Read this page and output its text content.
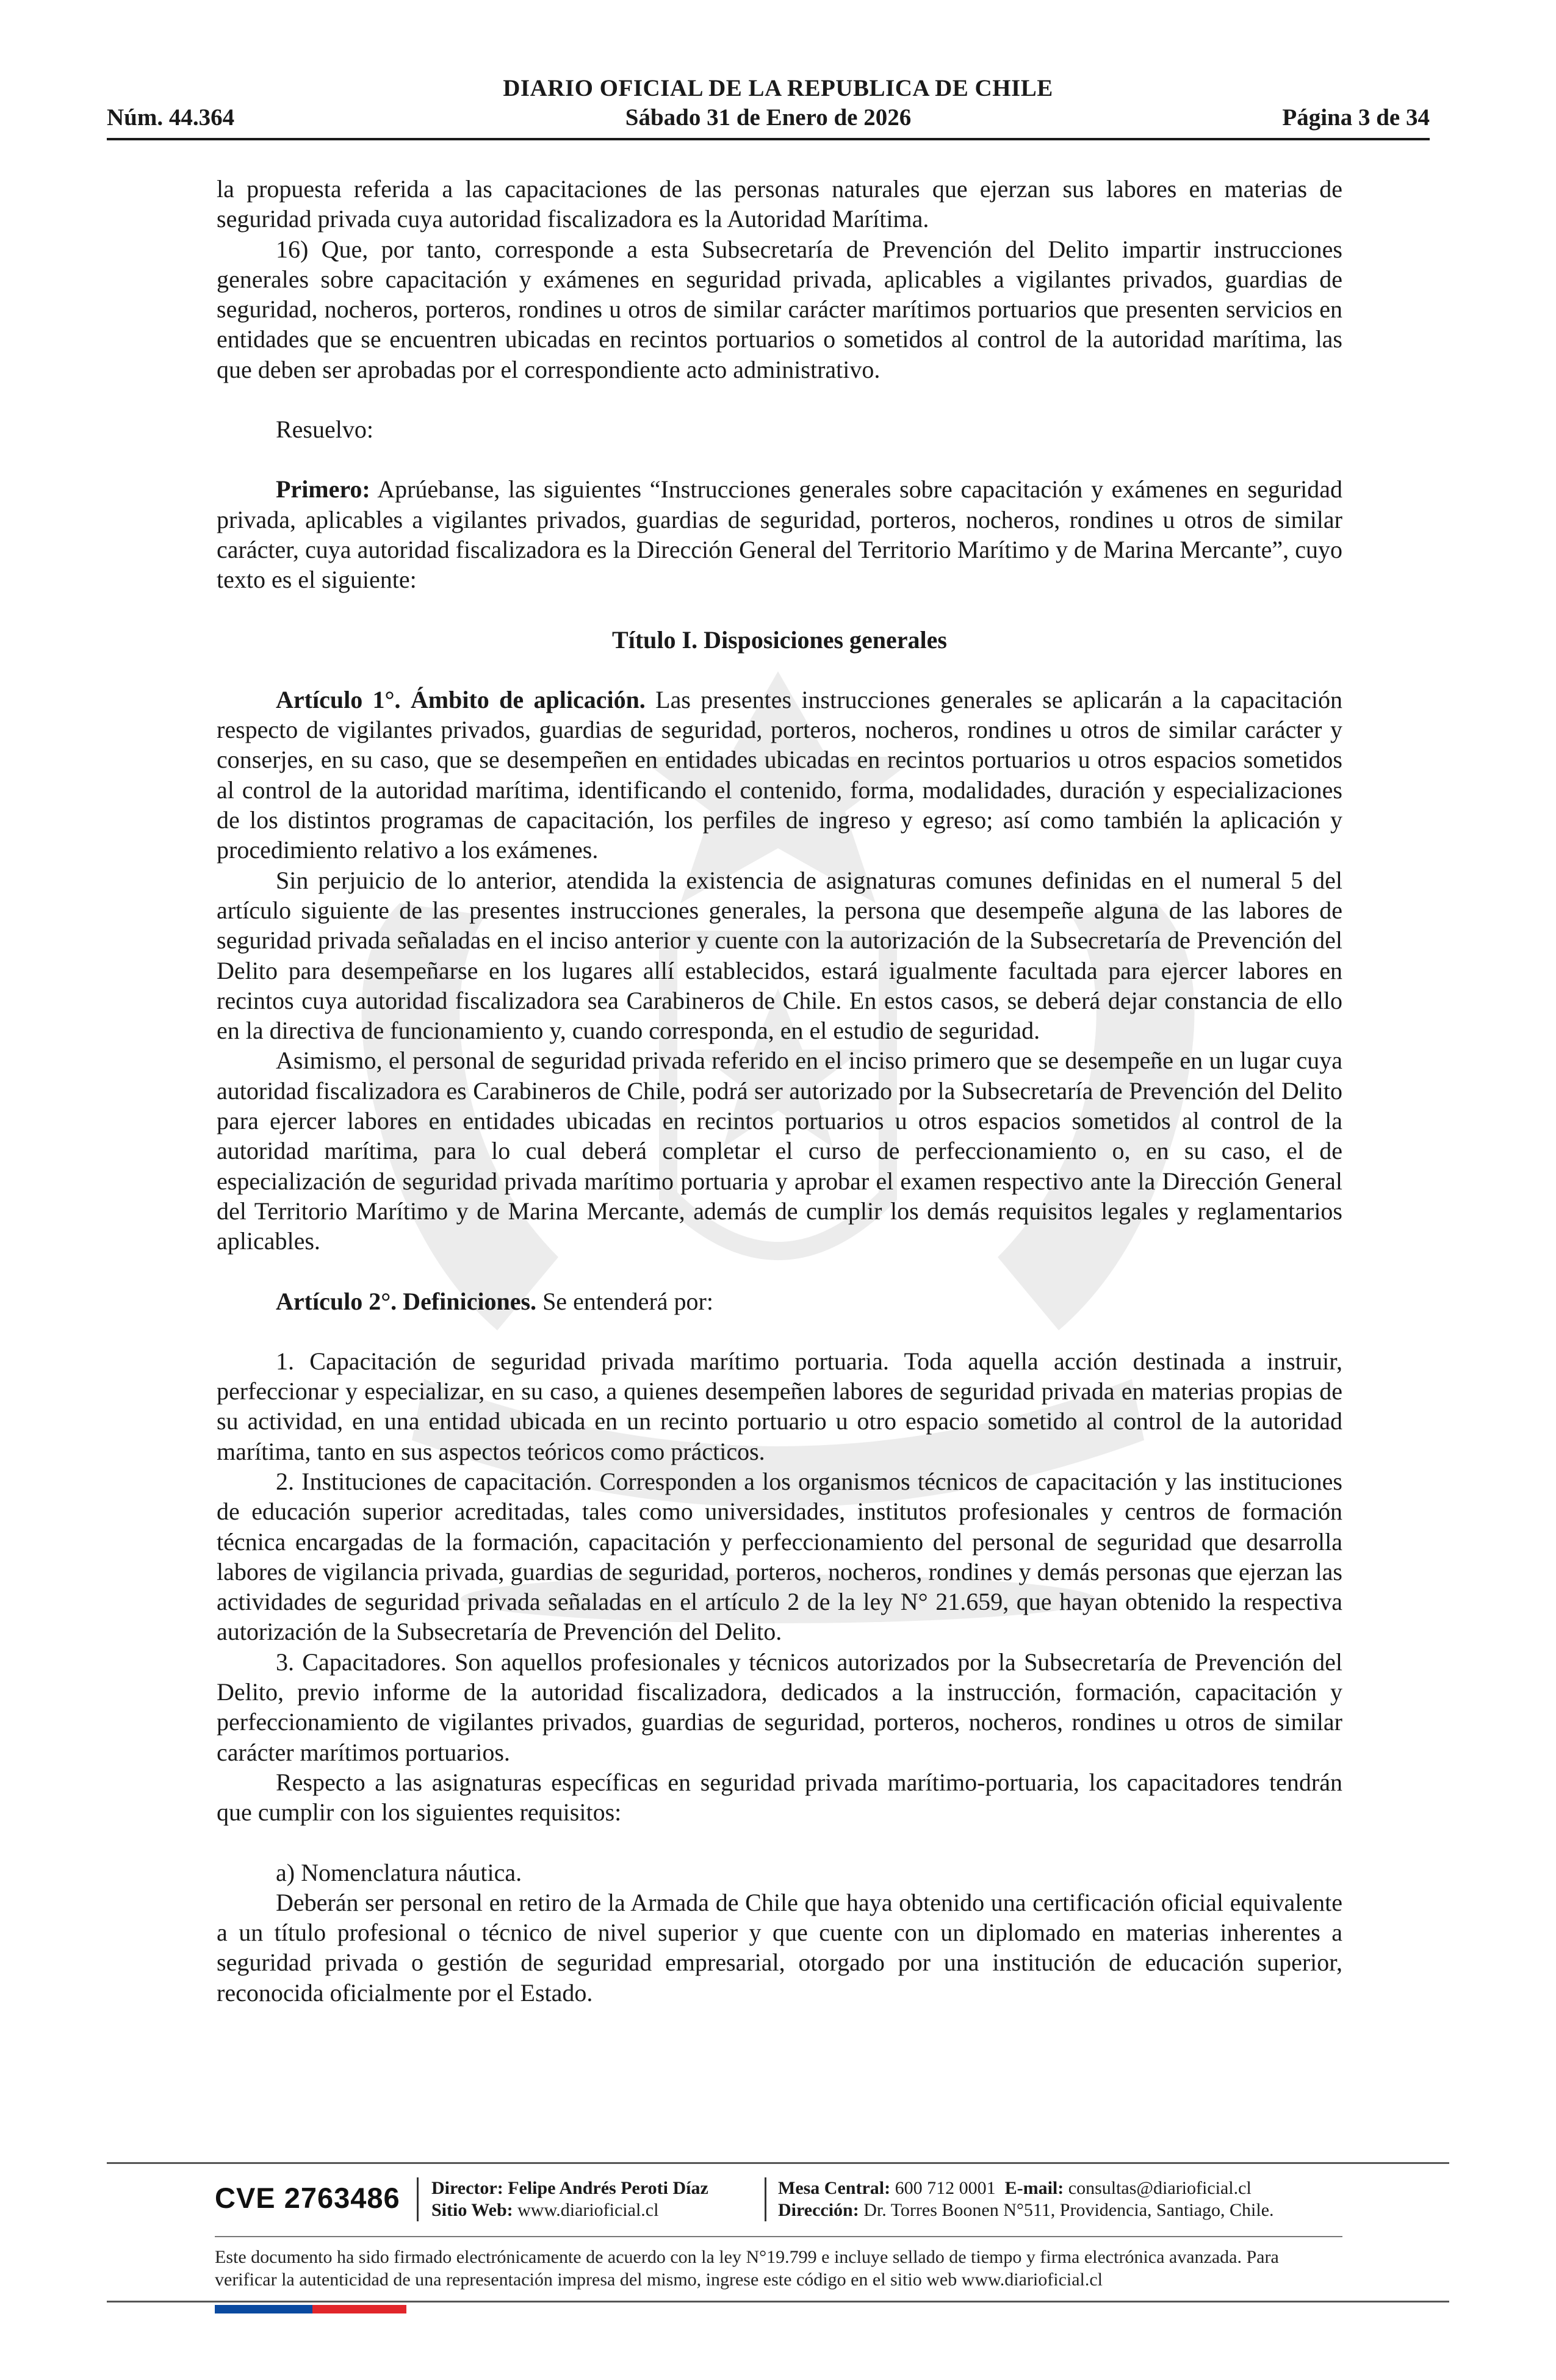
DIARIO OFICIAL DE LA REPUBLICA DE CHILE
Núm. 44.364	Sábado 31 de Enero de 2026	Página 3 de 34

la propuesta referida a las capacitaciones de las personas naturales que ejerzan sus labores en materias de seguridad privada cuya autoridad fiscalizadora es la Autoridad Marítima.

16) Que, por tanto, corresponde a esta Subsecretaría de Prevención del Delito impartir instrucciones generales sobre capacitación y exámenes en seguridad privada, aplicables a vigilantes privados, guardias de seguridad, nocheros, porteros, rondines u otros de similar carácter marítimos portuarios que presenten servicios en entidades que se encuentren ubicadas en recintos portuarios o sometidos al control de la autoridad marítima, las que deben ser aprobadas por el correspondiente acto administrativo.

Resuelvo:

Primero: Aprúebanse, las siguientes “Instrucciones generales sobre capacitación y exámenes en seguridad privada, aplicables a vigilantes privados, guardias de seguridad, porteros, nocheros, rondines u otros de similar carácter, cuya autoridad fiscalizadora es la Dirección General del Territorio Marítimo y de Marina Mercante”, cuyo texto es el siguiente:

Título I. Disposiciones generales

Artículo 1°. Ámbito de aplicación. Las presentes instrucciones generales se aplicarán a la capacitación respecto de vigilantes privados, guardias de seguridad, porteros, nocheros, rondines u otros de similar carácter y conserjes, en su caso, que se desempeñen en entidades ubicadas en recintos portuarios u otros espacios sometidos al control de la autoridad marítima, identificando el contenido, forma, modalidades, duración y especializaciones de los distintos programas de capacitación, los perfiles de ingreso y egreso; así como también la aplicación y procedimiento relativo a los exámenes.

Sin perjuicio de lo anterior, atendida la existencia de asignaturas comunes definidas en el numeral 5 del artículo siguiente de las presentes instrucciones generales, la persona que desempeñe alguna de las labores de seguridad privada señaladas en el inciso anterior y cuente con la autorización de la Subsecretaría de Prevención del Delito para desempeñarse en los lugares allí establecidos, estará igualmente facultada para ejercer labores en recintos cuya autoridad fiscalizadora sea Carabineros de Chile. En estos casos, se deberá dejar constancia de ello en la directiva de funcionamiento y, cuando corresponda, en el estudio de seguridad.

Asimismo, el personal de seguridad privada referido en el inciso primero que se desempeñe en un lugar cuya autoridad fiscalizadora es Carabineros de Chile, podrá ser autorizado por la Subsecretaría de Prevención del Delito para ejercer labores en entidades ubicadas en recintos portuarios u otros espacios sometidos al control de la autoridad marítima, para lo cual deberá completar el curso de perfeccionamiento o, en su caso, el de especialización de seguridad privada marítimo portuaria y aprobar el examen respectivo ante la Dirección General del Territorio Marítimo y de Marina Mercante, además de cumplir los demás requisitos legales y reglamentarios aplicables.

Artículo 2°. Definiciones. Se entenderá por:

1. Capacitación de seguridad privada marítimo portuaria. Toda aquella acción destinada a instruir, perfeccionar y especializar, en su caso, a quienes desempeñen labores de seguridad privada en materias propias de su actividad, en una entidad ubicada en un recinto portuario u otro espacio sometido al control de la autoridad marítima, tanto en sus aspectos teóricos como prácticos.

2. Instituciones de capacitación. Corresponden a los organismos técnicos de capacitación y las instituciones de educación superior acreditadas, tales como universidades, institutos profesionales y centros de formación técnica encargadas de la formación, capacitación y perfeccionamiento del personal de seguridad que desarrolla labores de vigilancia privada, guardias de seguridad, porteros, nocheros, rondines y demás personas que ejerzan las actividades de seguridad privada señaladas en el artículo 2 de la ley N° 21.659, que hayan obtenido la respectiva autorización de la Subsecretaría de Prevención del Delito.

3. Capacitadores. Son aquellos profesionales y técnicos autorizados por la Subsecretaría de Prevención del Delito, previo informe de la autoridad fiscalizadora, dedicados a la instrucción, formación, capacitación y perfeccionamiento de vigilantes privados, guardias de seguridad, porteros, nocheros, rondines u otros de similar carácter marítimos portuarios.

Respecto a las asignaturas específicas en seguridad privada marítimo-portuaria, los capacitadores tendrán que cumplir con los siguientes requisitos:

a) Nomenclatura náutica.

Deberán ser personal en retiro de la Armada de Chile que haya obtenido una certificación oficial equivalente a un título profesional o técnico de nivel superior y que cuente con un diplomado en materias inherentes a seguridad privada o gestión de seguridad empresarial, otorgado por una institución de educación superior, reconocida oficialmente por el Estado.

CVE 2763486 Director: Felipe Andrés Peroti Díaz
Sitio Web: www.diarioficial.cl
Mesa Central: 600 712 0001 E-mail: consultas@diarioficial.cl
Dirección: Dr. Torres Boonen N°511, Providencia, Santiago, Chile.
Este documento ha sido firmado electrónicamente de acuerdo con la ley N°19.799 e incluye sellado de tiempo y firma electrónica avanzada. Para verificar la autenticidad de una representación impresa del mismo, ingrese este código en el sitio web www.diarioficial.cl
